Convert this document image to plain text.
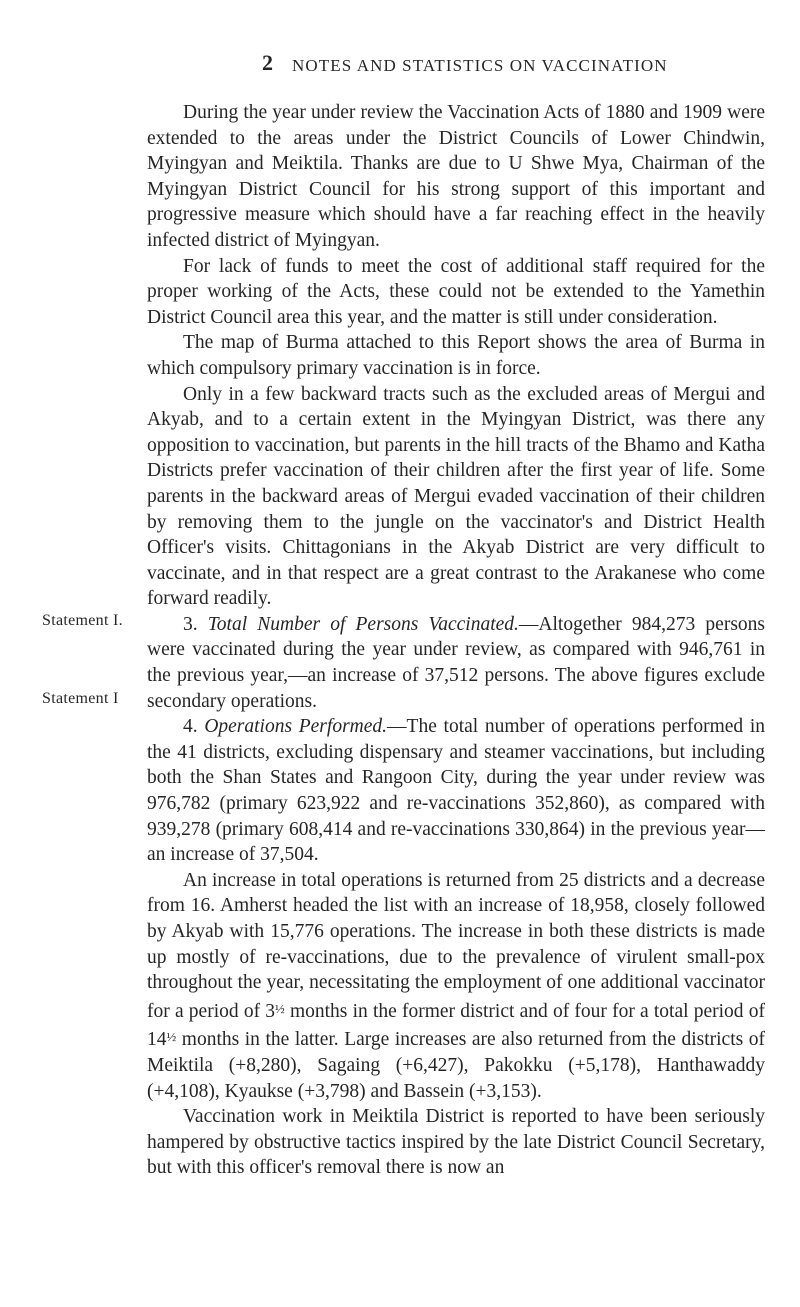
2 NOTES AND STATISTICS ON VACCINATION
Statement I.
Statement I

During the year under review the Vaccination Acts of 1880 and 1909 were extended to the areas under the District Councils of Lower Chindwin, Myingyan and Meiktila. Thanks are due to U Shwe Mya, Chairman of the Myingyan District Council for his strong support of this important and progressive measure which should have a far reaching effect in the heavily infected district of Myingyan.

For lack of funds to meet the cost of additional staff required for the proper working of the Acts, these could not be extended to the Yamethin District Council area this year, and the matter is still under consideration.

The map of Burma attached to this Report shows the area of Burma in which compulsory primary vaccination is in force.

Only in a few backward tracts such as the excluded areas of Mergui and Akyab, and to a certain extent in the Myingyan District, was there any opposition to vaccination, but parents in the hill tracts of the Bhamo and Katha Districts prefer vaccination of their children after the first year of life. Some parents in the backward areas of Mergui evaded vaccination of their children by removing them to the jungle on the vaccinator's and District Health Officer's visits. Chittagonians in the Akyab District are very difficult to vaccinate, and in that respect are a great contrast to the Arakanese who come forward readily.

3. Total Number of Persons Vaccinated.—Altogether 984,273 persons were vaccinated during the year under review, as compared with 946,761 in the previous year,—an increase of 37,512 persons. The above figures exclude secondary operations.

4. Operations Performed.—The total number of operations performed in the 41 districts, excluding dispensary and steamer vaccinations, but including both the Shan States and Rangoon City, during the year under review was 976,782 (primary 623,922 and re-vaccinations 352,860), as compared with 939,278 (primary 608,414 and re-vaccinations 330,864) in the previous year—an increase of 37,504.

An increase in total operations is returned from 25 districts and a decrease from 16. Amherst headed the list with an increase of 18,958, closely followed by Akyab with 15,776 operations. The increase in both these districts is made up mostly of re-vaccinations, due to the prevalence of virulent small-pox throughout the year, necessitating the employment of one additional vaccinator for a period of $3^{\frac{1}{2}}$ months in the former district and of four for a total period of $14^{\frac{1}{2}}$ months in the latter. Large increases are also returned from the districts of Meiktila (+8,280), Sagaing (+6,427), Pakokku (+5,178), Hanthawaddy (+4,108), Kyaukse (+3,798) and Bassein (+3,153).

Vaccination work in Meiktila District is reported to have been seriously hampered by obstructive tactics inspired by the late District Council Secretary, but with this officer's removal there is now an
